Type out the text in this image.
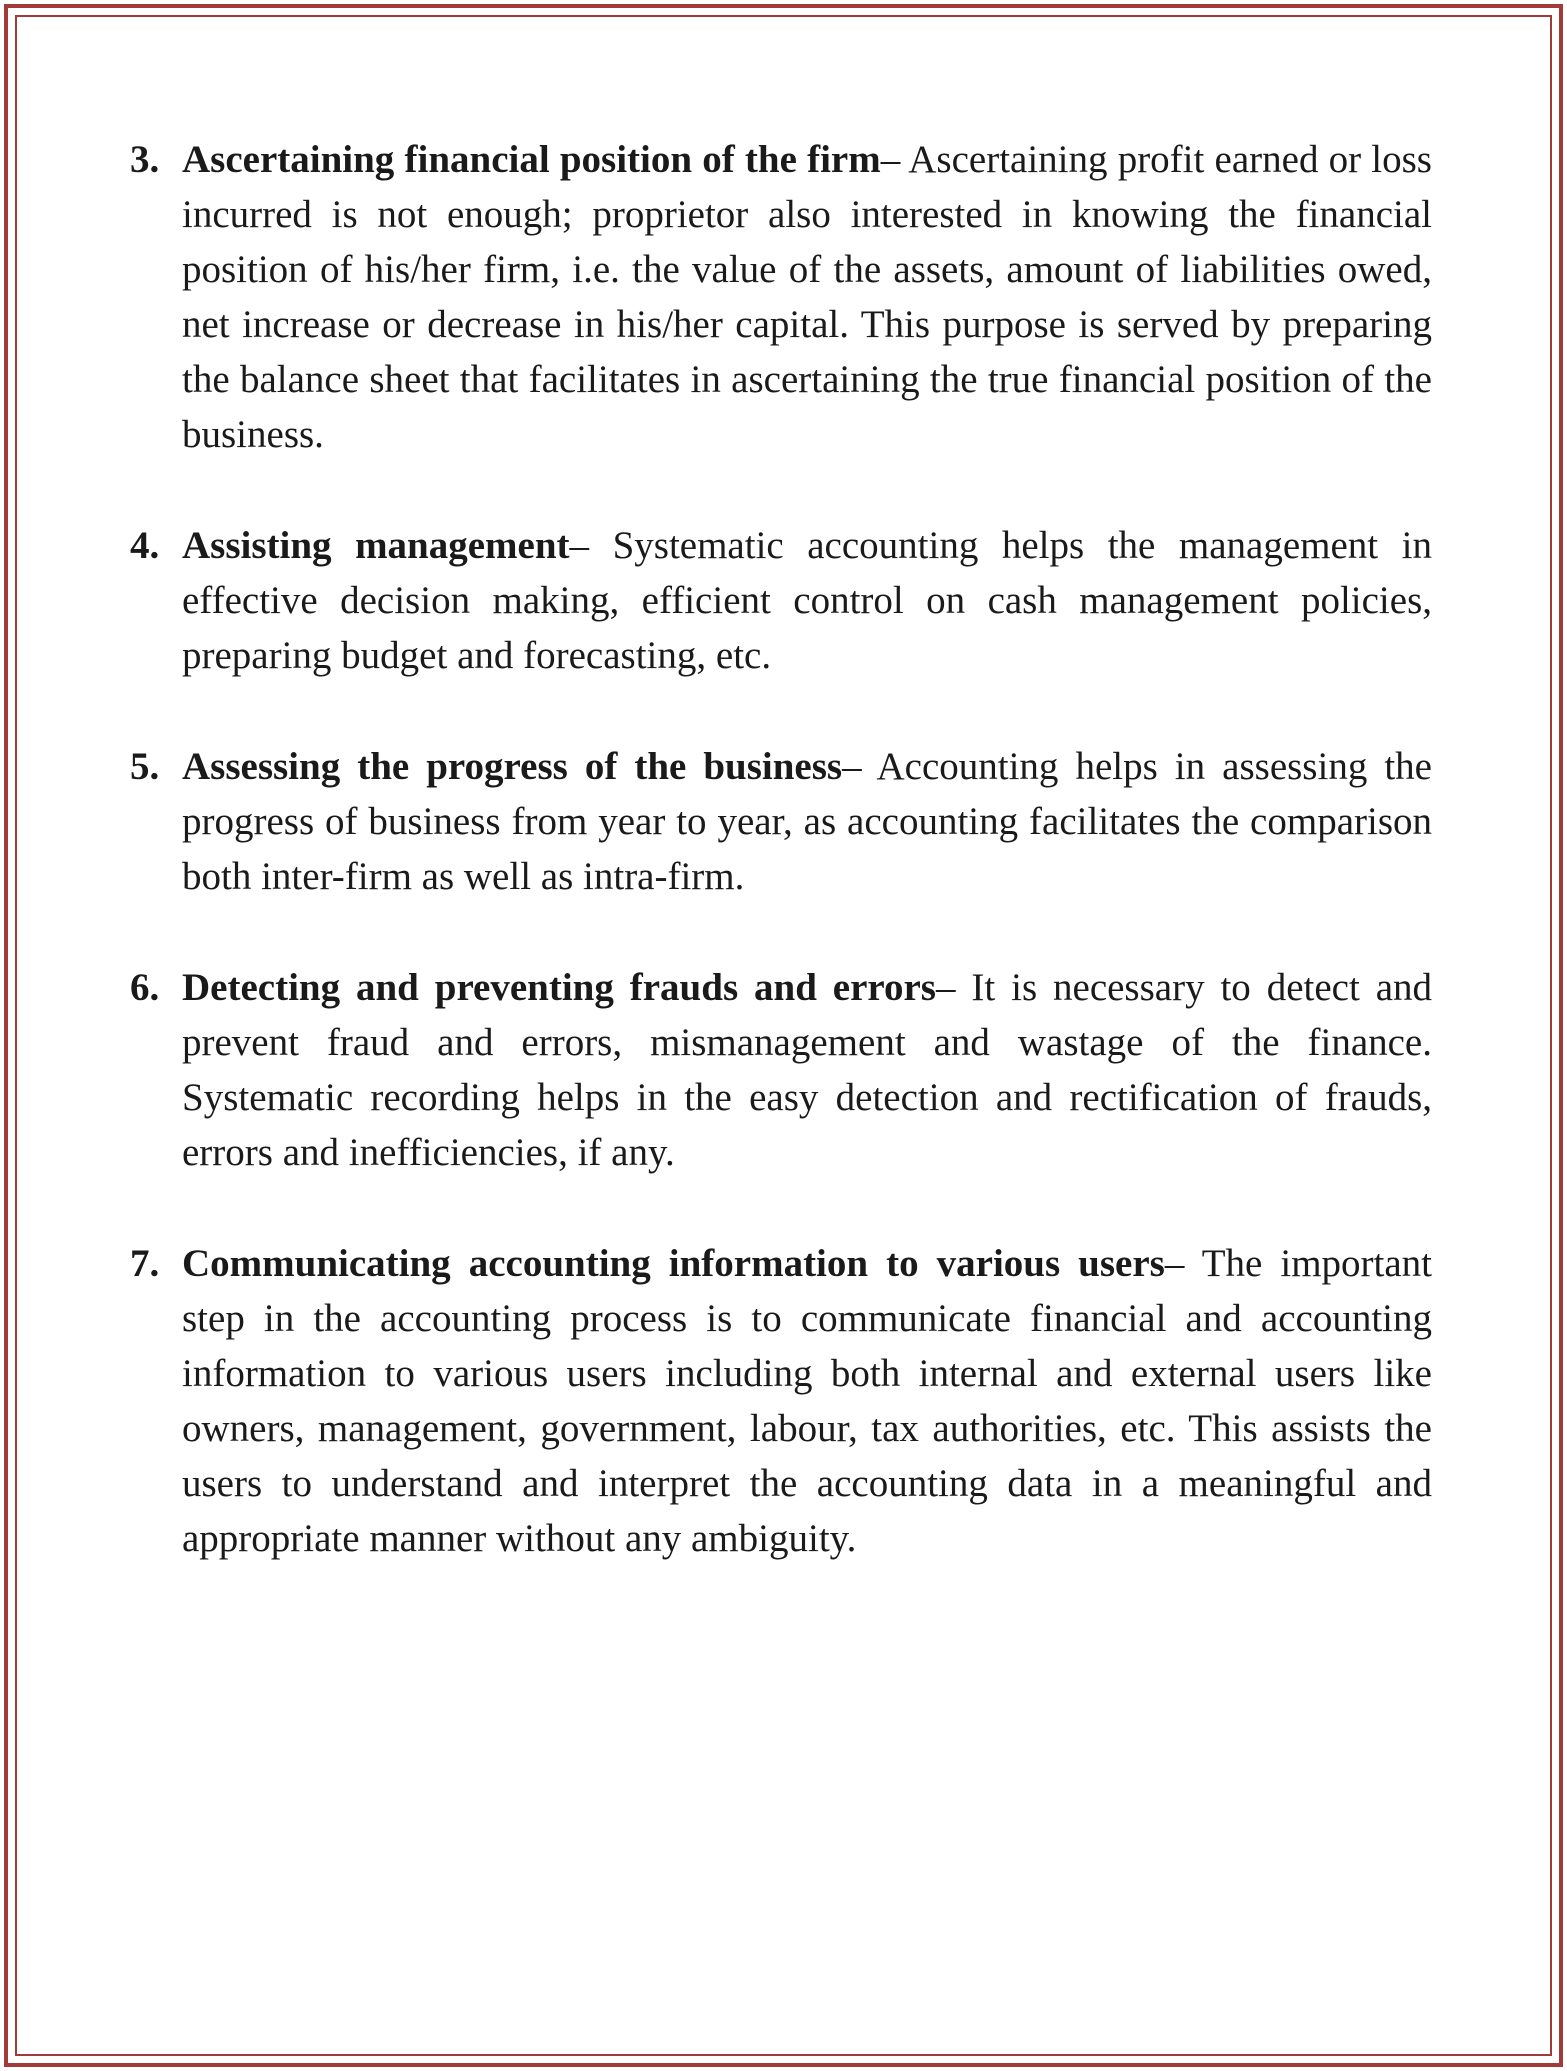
3. Ascertaining financial position of the firm– Ascertaining profit earned or loss incurred is not enough; proprietor also interested in knowing the financial position of his/her firm, i.e. the value of the assets, amount of liabilities owed, net increase or decrease in his/her capital. This purpose is served by preparing the balance sheet that facilitates in ascertaining the true financial position of the business.
4. Assisting management– Systematic accounting helps the management in effective decision making, efficient control on cash management policies, preparing budget and forecasting, etc.
5. Assessing the progress of the business– Accounting helps in assessing the progress of business from year to year, as accounting facilitates the comparison both inter-firm as well as intra-firm.
6. Detecting and preventing frauds and errors– It is necessary to detect and prevent fraud and errors, mismanagement and wastage of the finance. Systematic recording helps in the easy detection and rectification of frauds, errors and inefficiencies, if any.
7. Communicating accounting information to various users– The important step in the accounting process is to communicate financial and accounting information to various users including both internal and external users like owners, management, government, labour, tax authorities, etc. This assists the users to understand and interpret the accounting data in a meaningful and appropriate manner without any ambiguity.
